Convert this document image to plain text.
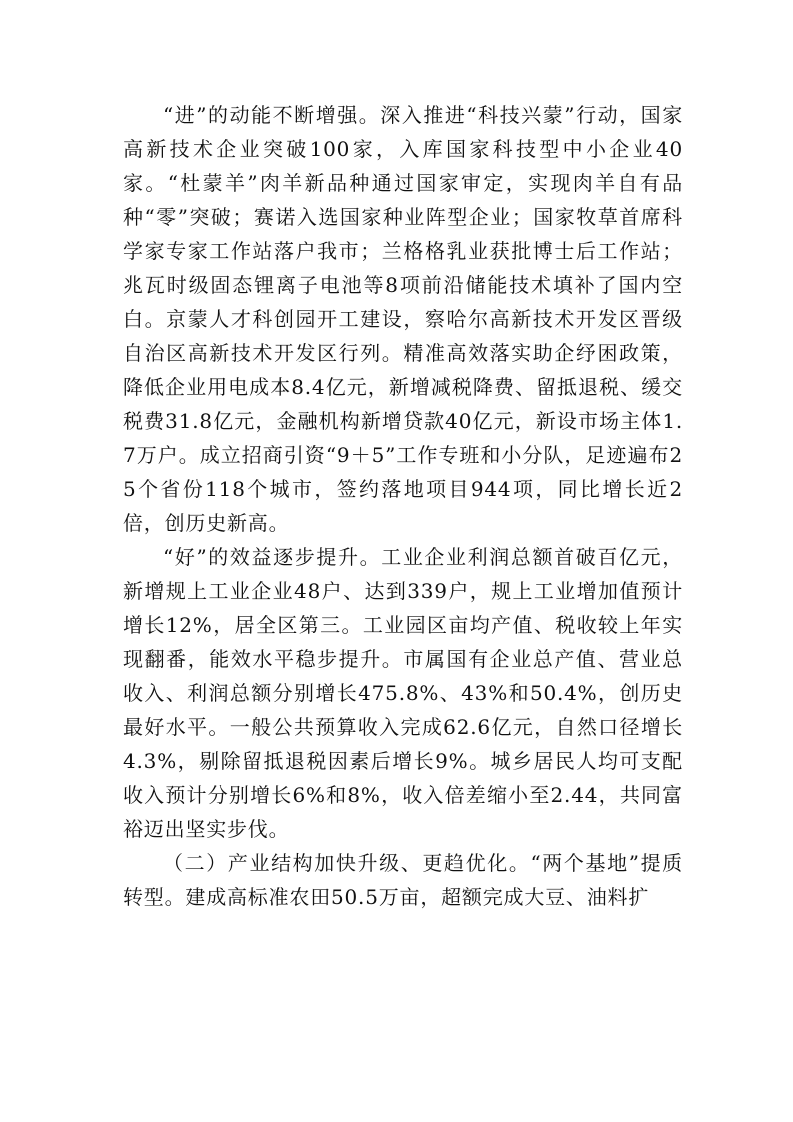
“进”的动能不断增强。深入推进“科技兴蒙”行动，国家高新技术企业突破100家，入库国家科技型中小企业40家。“杜蒙羊”肉羊新品种通过国家审定，实现肉羊自有品种“零”突破；赛诺入选国家种业阵型企业；国家牧草首席科学家专家工作站落户我市；兰格格乳业获批博士后工作站；兆瓦时级固态锂离子电池等8项前沿储能技术填补了国内空白。京蒙人才科创园开工建设，察哈尔高新技术开发区晋级自治区高新技术开发区行列。精准高效落实助企纾困政策，降低企业用电成本8.4亿元，新增减税降费、留抵退税、缓交税费31.8亿元，金融机构新增贷款40亿元，新设市场主体1.7万户。成立招商引资“9＋5”工作专班和小分队，足迹遍布25个省份118个城市，签约落地项目944项，同比增长近2倍，创历史新高。

“好”的效益逐步提升。工业企业利润总额首破百亿元，新增规上工业企业48户、达到339户，规上工业增加值预计增长12%，居全区第三。工业园区亩均产值、税收较上年实现翻番，能效水平稳步提升。市属国有企业总产值、营业总收入、利润总额分别增长475.8%、43%和50.4%，创历史最好水平。一般公共预算收入完成62.6亿元，自然口径增长4.3%，剔除留抵退税因素后增长9%。城乡居民人均可支配收入预计分别增长6%和8%，收入倍差缩小至2.44，共同富裕迈出坚实步伐。

（二）产业结构加快升级、更趋优化。“两个基地”提质转型。建成高标准农田50.5万亩，超额完成大豆、油料扩
